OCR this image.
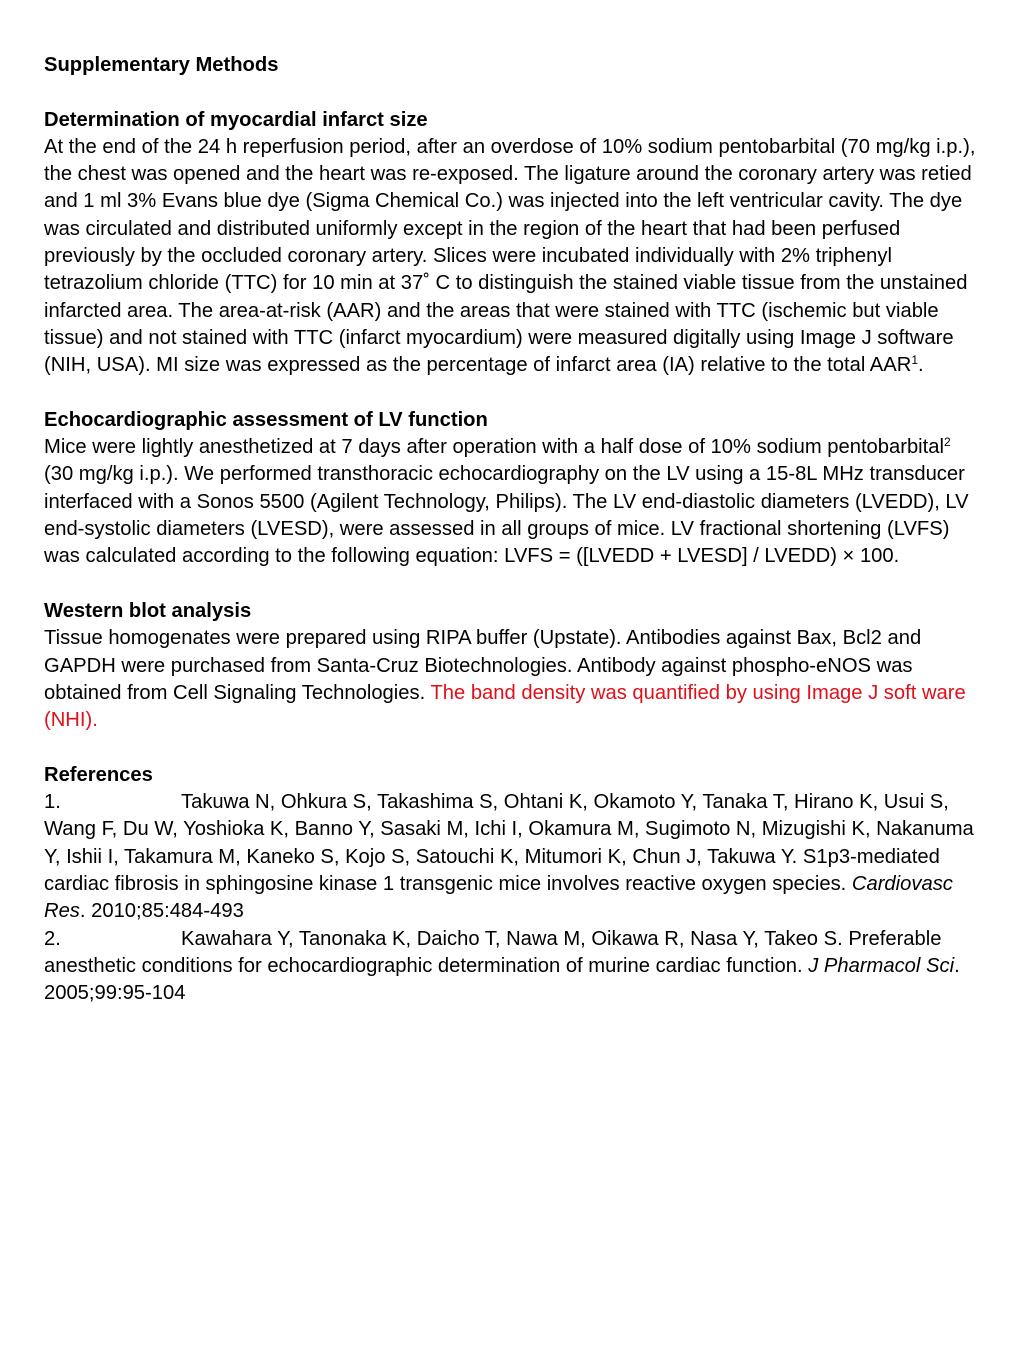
Supplementary Methods
Determination of myocardial infarct size

At the end of the 24 h reperfusion period, after an overdose of 10% sodium pentobarbital (70 mg/kg i.p.), the chest was opened and the heart was re-exposed. The ligature around the coronary artery was retied and 1 ml 3% Evans blue dye (Sigma Chemical Co.) was injected into the left ventricular cavity. The dye was circulated and distributed uniformly except in the region of the heart that had been perfused previously by the occluded coronary artery. Slices were incubated individually with 2% triphenyl tetrazolium chloride (TTC) for 10 min at 37˚ C to distinguish the stained viable tissue from the unstained infarcted area. The area-at-risk (AAR) and the areas that were stained with TTC (ischemic but viable tissue) and not stained with TTC (infarct myocardium) were measured digitally using Image J software (NIH, USA). MI size was expressed as the percentage of infarct area (IA) relative to the total AAR$^1$.

Echocardiographic assessment of LV function

Mice were lightly anesthetized at 7 days after operation with a half dose of 10% sodium pentobarbital$^2$ (30 mg/kg i.p.). We performed transthoracic echocardiography on the LV using a 15-8L MHz transducer interfaced with a Sonos 5500 (Agilent Technology, Philips). The LV end-diastolic diameters (LVEDD), LV end-systolic diameters (LVESD), were assessed in all groups of mice. LV fractional shortening (LVFS) was calculated according to the following equation: LVFS = ([LVEDD + LVESD] / LVEDD) × 100.

Western blot analysis

Tissue homogenates were prepared using RIPA buffer (Upstate). Antibodies against Bax, Bcl2 and GAPDH were purchased from Santa-Cruz Biotechnologies. Antibody against phospho-eNOS was obtained from Cell Signaling Technologies. The band density was quantified by using Image J soft ware (NHI).

References

1.	Takuwa N, Ohkura S, Takashima S, Ohtani K, Okamoto Y, Tanaka T, Hirano K, Usui S, Wang F, Du W, Yoshioka K, Banno Y, Sasaki M, Ichi I, Okamura M, Sugimoto N, Mizugishi K, Nakanuma Y, Ishii I, Takamura M, Kaneko S, Kojo S, Satouchi K, Mitumori K, Chun J, Takuwa Y. S1p3-mediated cardiac fibrosis in sphingosine kinase 1 transgenic mice involves reactive oxygen species. Cardiovasc Res. 2010;85:484-493

2.	Kawahara Y, Tanonaka K, Daicho T, Nawa M, Oikawa R, Nasa Y, Takeo S. Preferable anesthetic conditions for echocardiographic determination of murine cardiac function. J Pharmacol Sci. 2005;99:95-104
